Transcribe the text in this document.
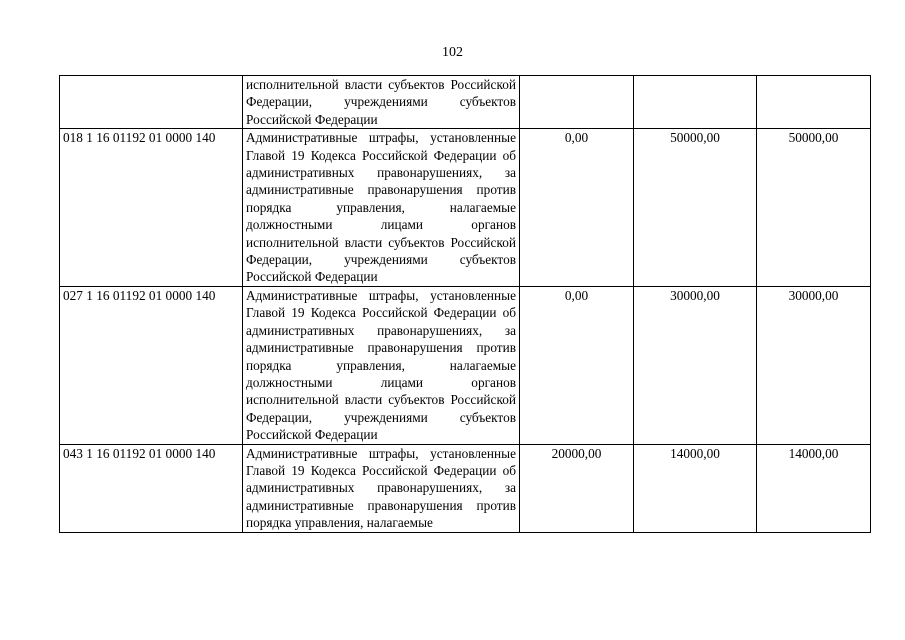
102
	исполнительной власти субъектов Российской Федерации, учреждениями субъектов Российской Федерации			
018 1 16 01192 01 0000 140	Административные штрафы, установленные Главой 19 Кодекса Российской Федерации об административных правонарушениях, за административные правонарушения против порядка управления, налагаемые должностными лицами органов исполнительной власти субъектов Российской Федерации, учреждениями субъектов Российской Федерации	0,00	50000,00	50000,00
027 1 16 01192 01 0000 140	Административные штрафы, установленные Главой 19 Кодекса Российской Федерации об административных правонарушениях, за административные правонарушения против порядка управления, налагаемые должностными лицами органов исполнительной власти субъектов Российской Федерации, учреждениями субъектов Российской Федерации	0,00	30000,00	30000,00
043 1 16 01192 01 0000 140	Административные штрафы, установленные Главой 19 Кодекса Российской Федерации об административных правонарушениях, за административные правонарушения против порядка управления, налагаемые	20000,00	14000,00	14000,00
